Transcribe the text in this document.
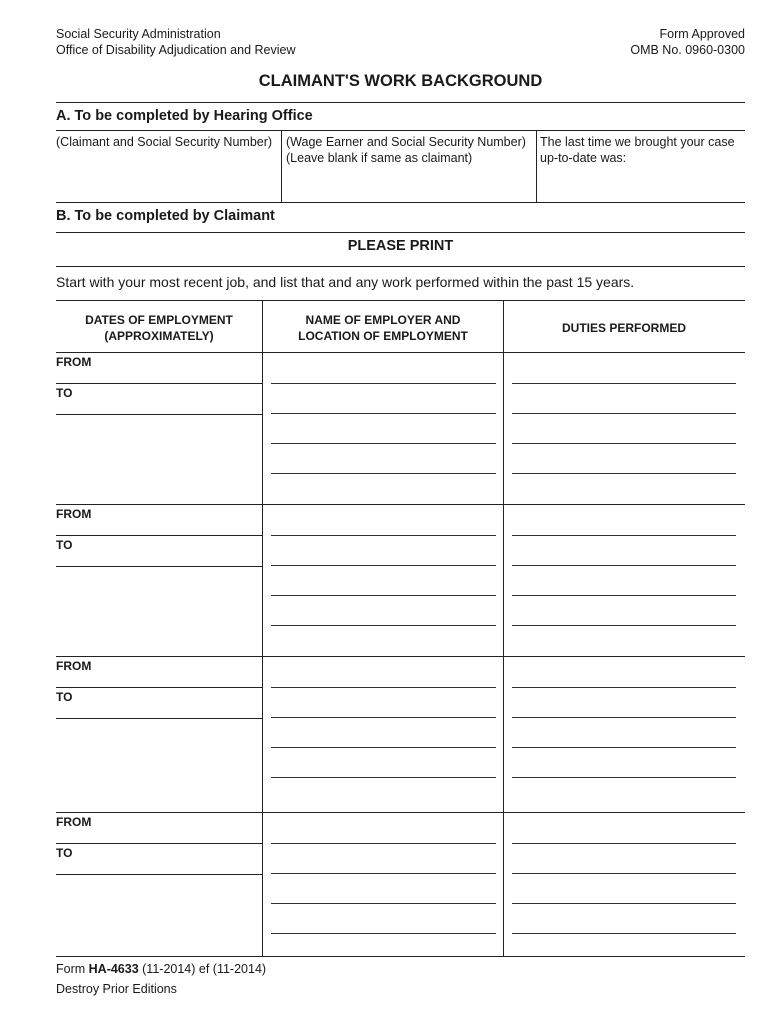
Social Security Administration
Office of Disability Adjudication and Review
Form Approved
OMB No. 0960-0300
CLAIMANT'S WORK BACKGROUND
A. To be completed by Hearing Office
(Claimant and Social Security Number)	(Wage Earner and Social Security Number)
(Leave blank if same as claimant)
The last time we brought your case
up-to-date was:
B. To be completed by Claimant
PLEASE PRINT
Start with your most recent job, and list that and any work performed within the past 15 years.
DATES OF EMPLOYMENT
(APPROXIMATELY)
NAME OF EMPLOYER AND
LOCATION OF EMPLOYMENT
DUTIES PERFORMED
FROM
TO
FROM
TO
FROM
TO
FROM
TO
Form HA-4633 (11-2014) ef (11-2014)
Destroy Prior Editions
